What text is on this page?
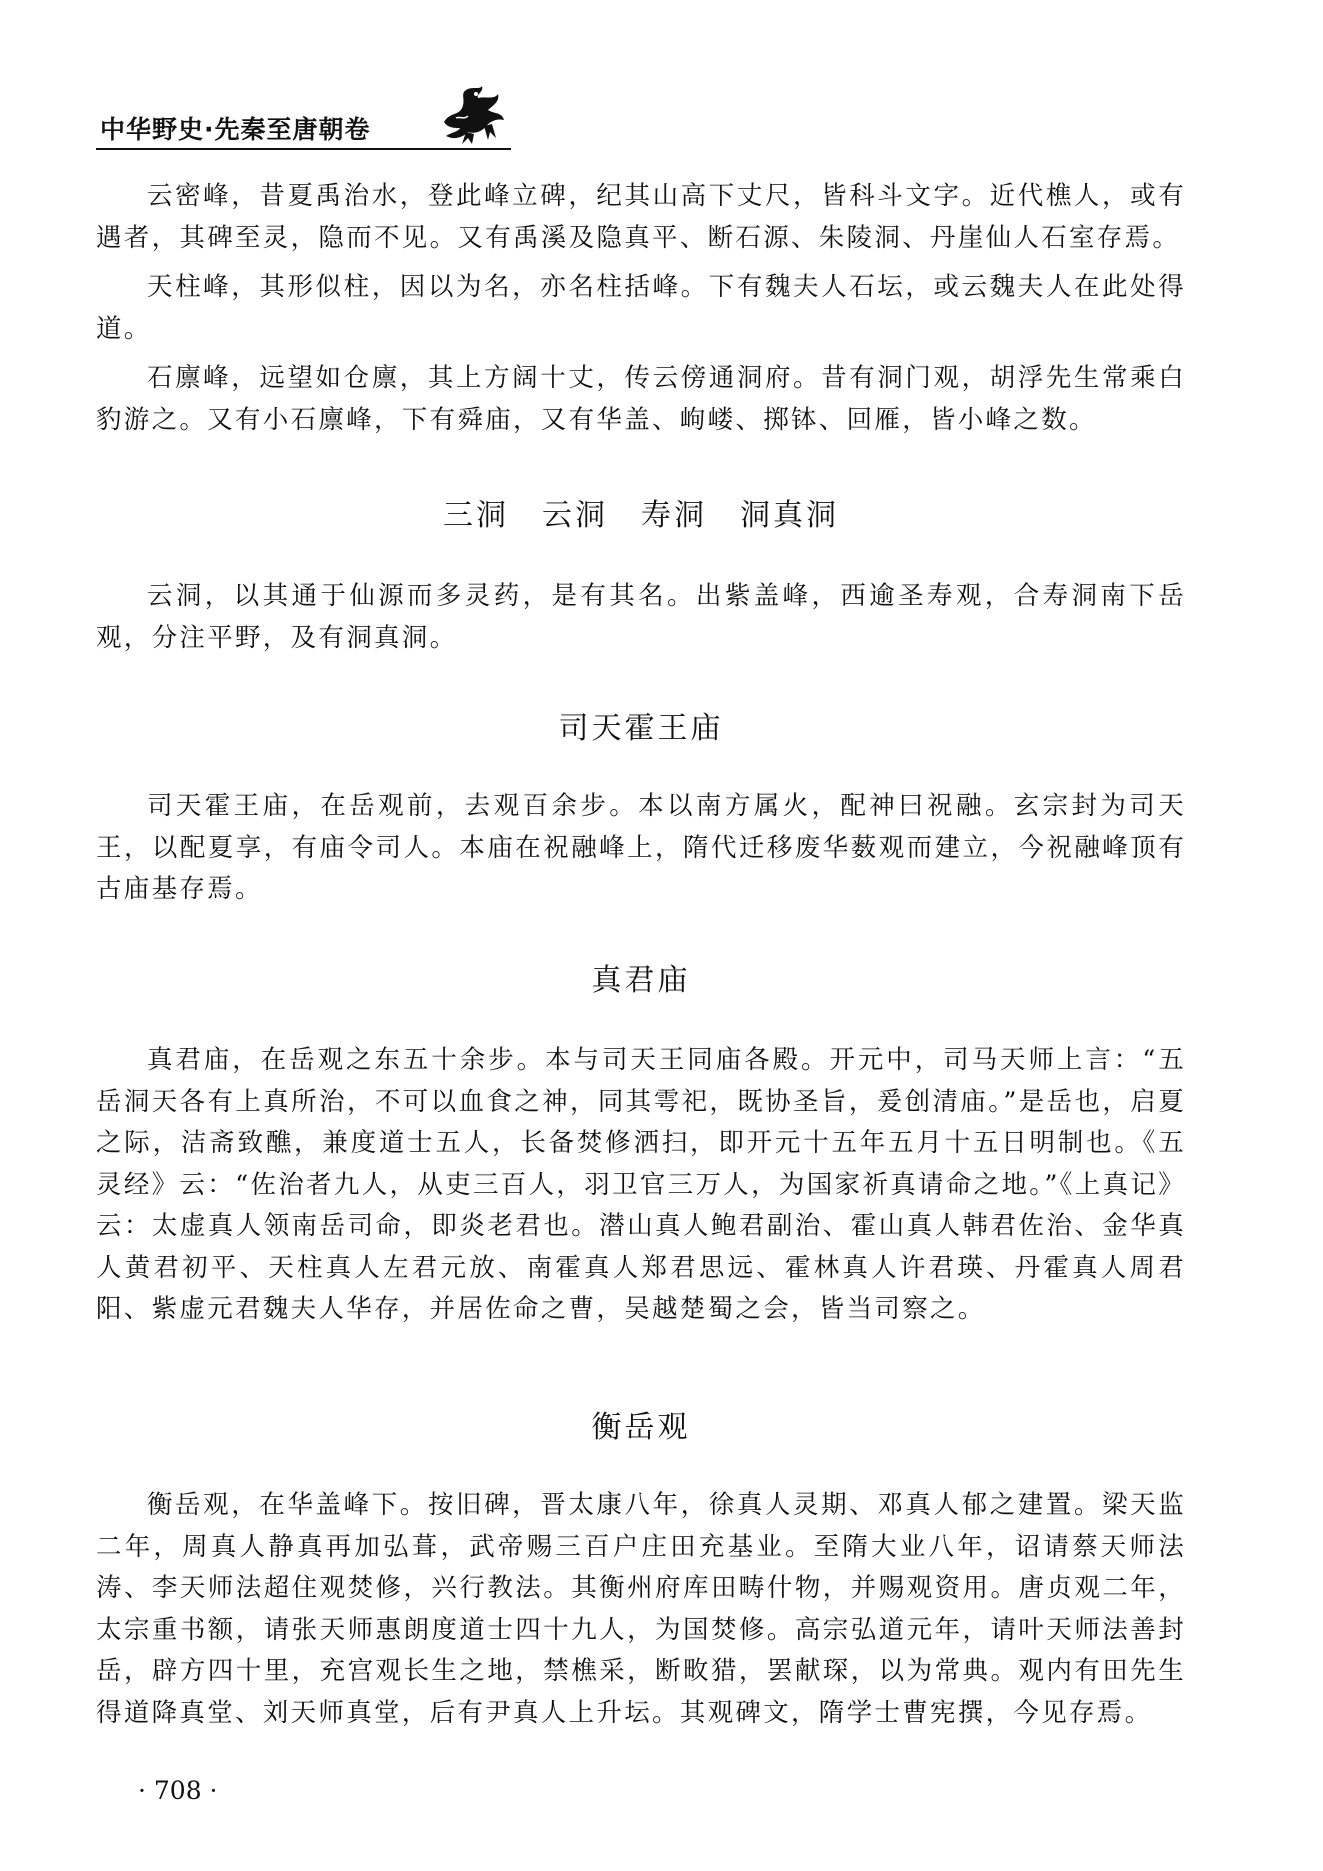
中华野史·先秦至唐朝卷

云密峰，昔夏禹治水，登此峰立碑，纪其山高下丈尺，皆科斗文字。近代樵人，或有遇者，其碑至灵，隐而不见。又有禹溪及隐真平、断石源、朱陵洞、丹崖仙人石室存焉。

天柱峰，其形似柱，因以为名，亦名柱括峰。下有魏夫人石坛，或云魏夫人在此处得道。

石廪峰，远望如仓廪，其上方阔十丈，传云傍通洞府。昔有洞门观，胡浮先生常乘白豹游之。又有小石廪峰，下有舜庙，又有华盖、岣嵝、掷钵、回雁，皆小峰之数。

三洞　云洞　寿洞　洞真洞

云洞，以其通于仙源而多灵药，是有其名。出紫盖峰，西逾圣寿观，合寿洞南下岳观，分注平野，及有洞真洞。

司天霍王庙

司天霍王庙，在岳观前，去观百余步。本以南方属火，配神曰祝融。玄宗封为司天王，以配夏享，有庙令司人。本庙在祝融峰上，隋代迁移废华薮观而建立，今祝融峰顶有古庙基存焉。

真君庙

真君庙，在岳观之东五十余步。本与司天王同庙各殿。开元中，司马天师上言：“五岳洞天各有上真所治，不可以血食之神，同其雩祀，既协圣旨，爰创清庙。”是岳也，启夏之际，洁斋致醮，兼度道士五人，长备焚修洒扫，即开元十五年五月十五日明制也。《五灵经》云：“佐治者九人，从吏三百人，羽卫官三万人，为国家祈真请命之地。”《上真记》云：太虚真人领南岳司命，即炎老君也。潜山真人鲍君副治、霍山真人韩君佐治、金华真人黄君初平、天柱真人左君元放、南霍真人郑君思远、霍林真人许君瑛、丹霍真人周君阳、紫虚元君魏夫人华存，并居佐命之曹，吴越楚蜀之会，皆当司察之。

衡岳观

衡岳观，在华盖峰下。按旧碑，晋太康八年，徐真人灵期、邓真人郁之建置。梁天监二年，周真人静真再加弘葺，武帝赐三百户庄田充基业。至隋大业八年，诏请蔡天师法涛、李天师法超住观焚修，兴行教法。其衡州府库田畴什物，并赐观资用。唐贞观二年，太宗重书额，请张天师惠朗度道士四十九人，为国焚修。高宗弘道元年，请叶天师法善封岳，辟方四十里，充宫观长生之地，禁樵采，断畋猎，罢献琛，以为常典。观内有田先生得道降真堂、刘天师真堂，后有尹真人上升坛。其观碑文，隋学士曹宪撰，今见存焉。

· 708 ·
